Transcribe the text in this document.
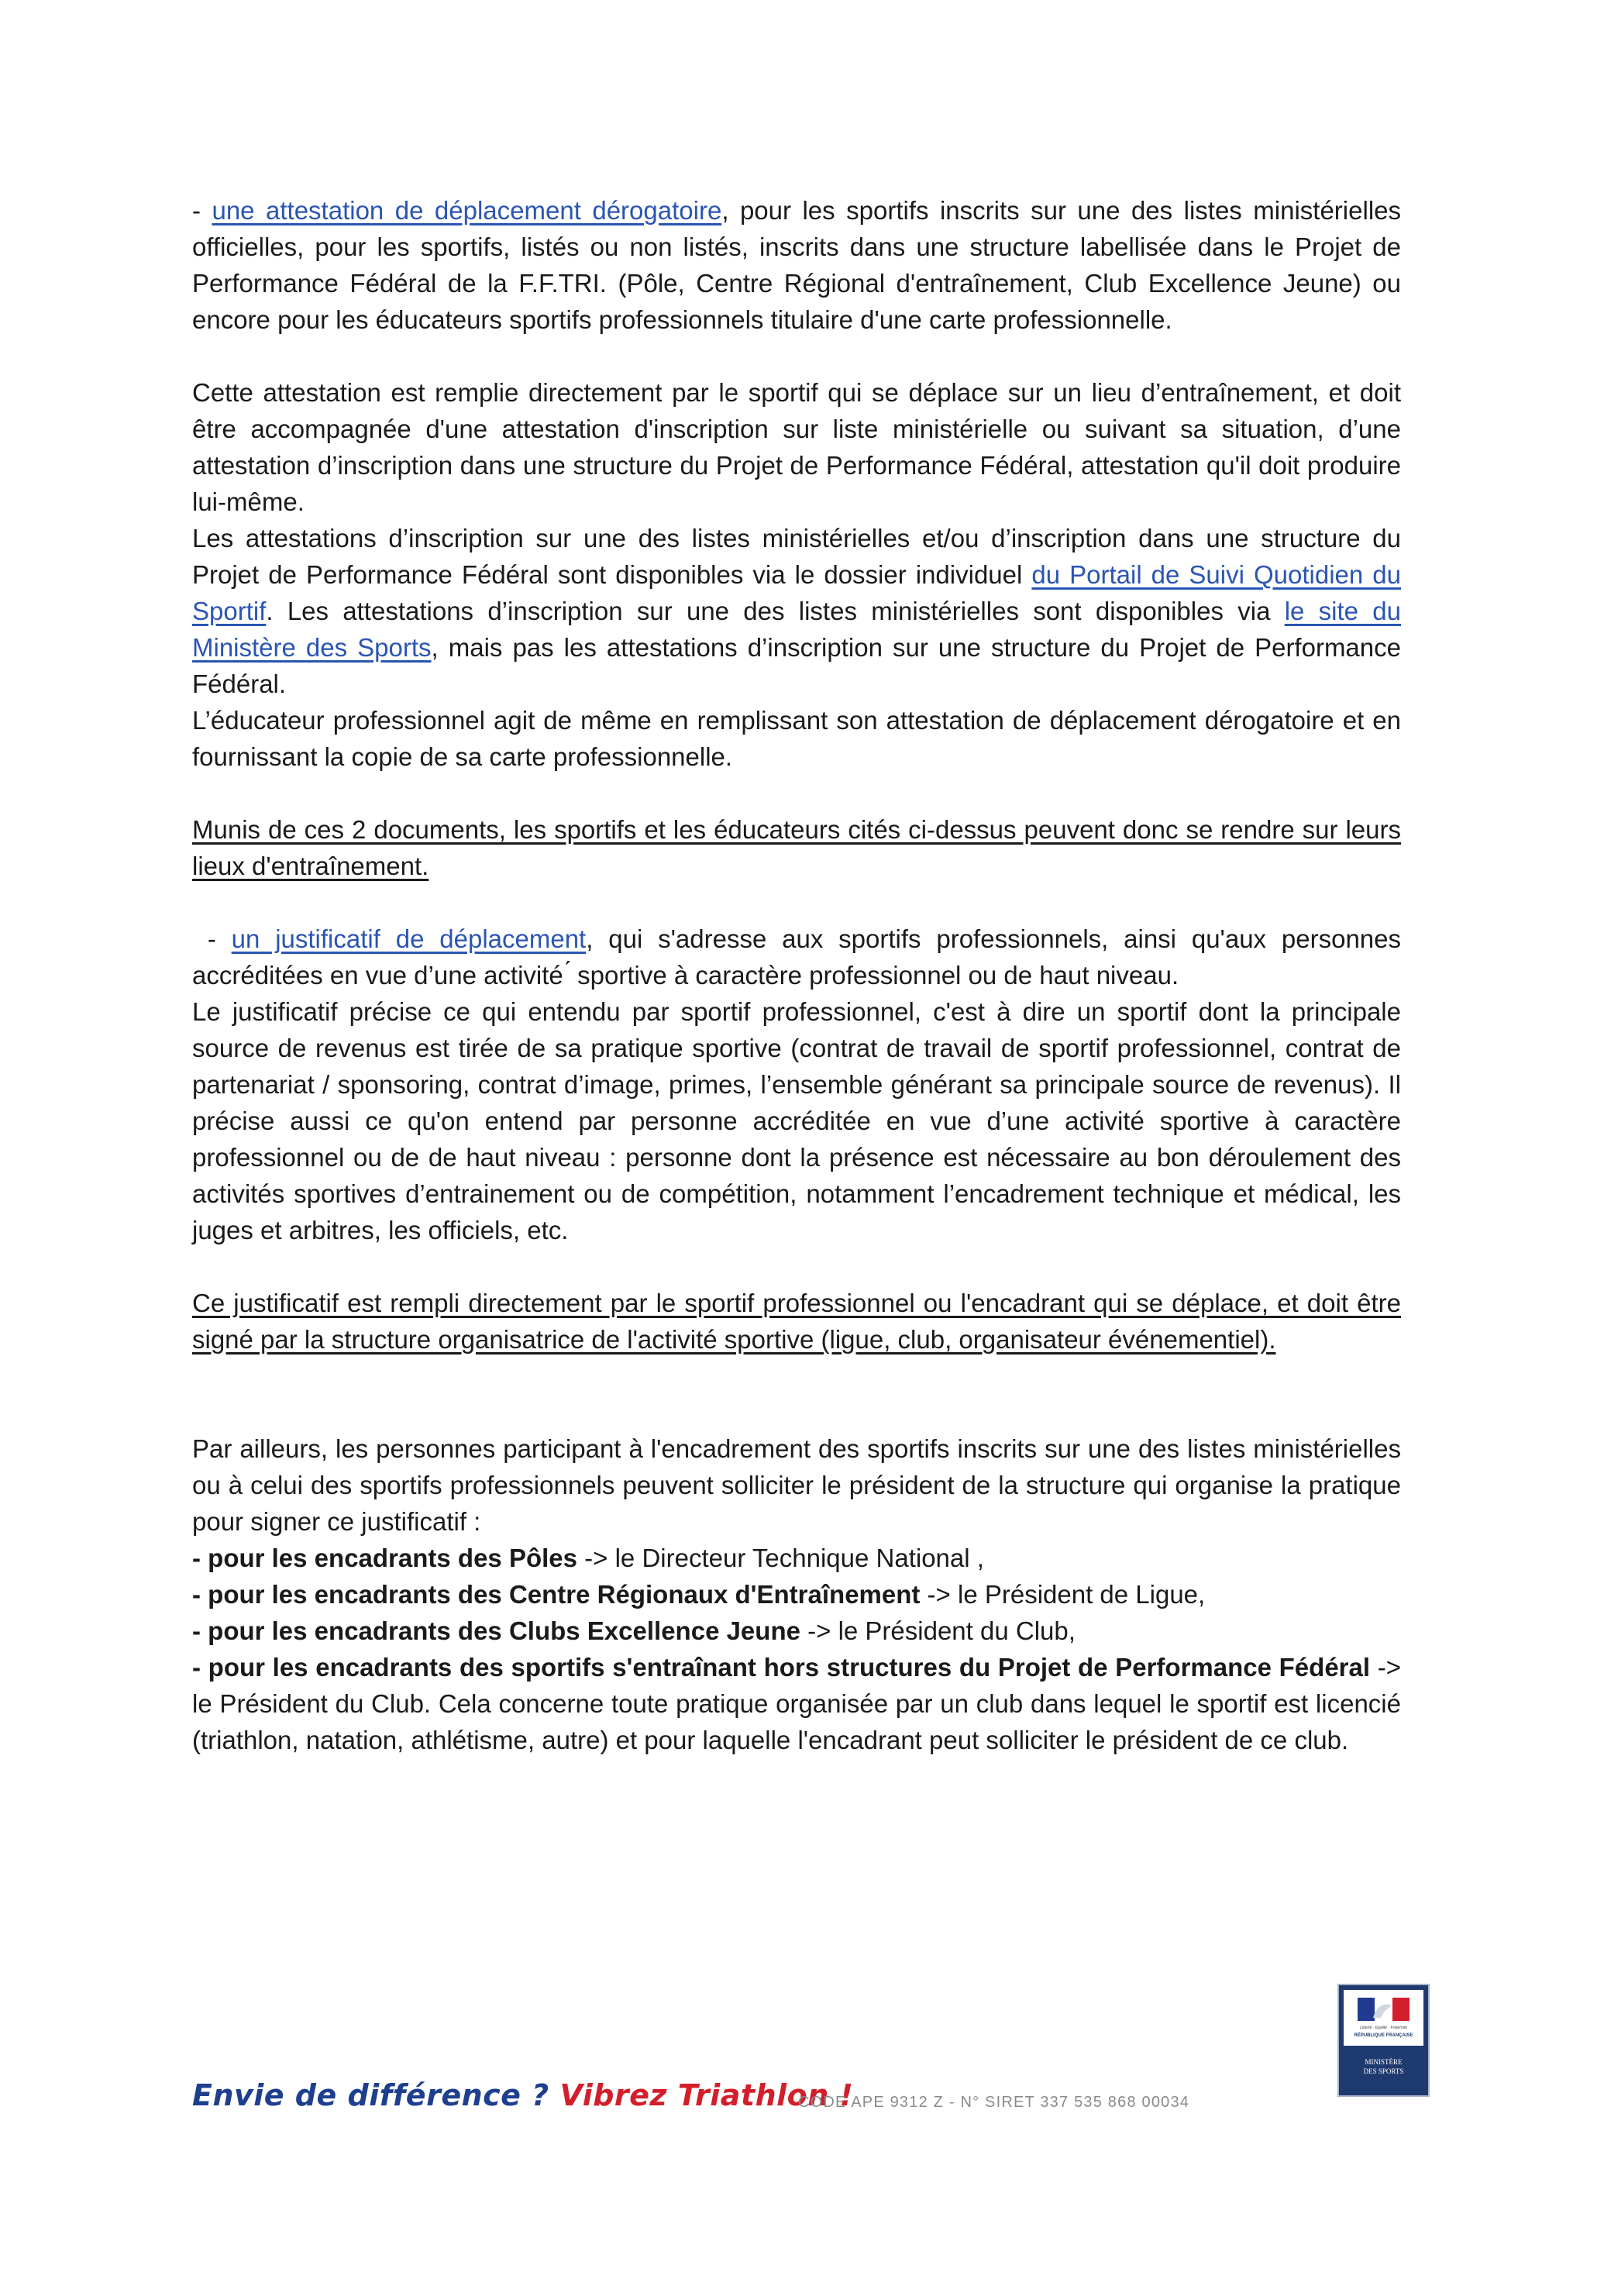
- une attestation de déplacement dérogatoire, pour les sportifs inscrits sur une des listes ministérielles officielles, pour les sportifs, listés ou non listés, inscrits dans une structure labellisée dans le Projet de Performance Fédéral de la F.F.TRI. (Pôle, Centre Régional d'entraînement, Club Excellence Jeune) ou encore pour les éducateurs sportifs professionnels titulaire d'une carte professionnelle.

Cette attestation est remplie directement par le sportif qui se déplace sur un lieu d’entraînement, et doit être accompagnée d'une attestation d'inscription sur liste ministérielle ou suivant sa situation, d’une attestation d’inscription dans une structure du Projet de Performance Fédéral, attestation qu'il doit produire lui-même.

Les attestations d’inscription sur une des listes ministérielles et/ou d’inscription dans une structure du Projet de Performance Fédéral sont disponibles via le dossier individuel du Portail de Suivi Quotidien du Sportif. Les attestations d’inscription sur une des listes ministérielles sont disponibles via le site du Ministère des Sports, mais pas les attestations d’inscription sur une structure du Projet de Performance Fédéral.

L’éducateur professionnel agit de même en remplissant son attestation de déplacement dérogatoire et en fournissant la copie de sa carte professionnelle.

Munis de ces 2 documents, les sportifs et les éducateurs cités ci-dessus peuvent donc se rendre sur leurs lieux d'entraînement.

- un justificatif de déplacement, qui s'adresse aux sportifs professionnels, ainsi qu'aux personnes accréditées en vue d’une activité ́ sportive à caractère professionnel ou de haut niveau.

Le justificatif précise ce qui entendu par sportif professionnel, c'est à dire un sportif dont la principale source de revenus est tirée de sa pratique sportive (contrat de travail de sportif professionnel, contrat de partenariat / sponsoring, contrat d’image, primes, l’ensemble générant sa principale source de revenus). Il précise aussi ce qu'on entend par personne accréditée en vue d’une activité sportive à caractère professionnel ou de de haut niveau : personne dont la présence est nécessaire au bon déroulement des activités sportives d’entrainement ou de compétition, notamment l’encadrement technique et médical, les juges et arbitres, les officiels, etc.

Ce justificatif est rempli directement par le sportif professionnel ou l'encadrant qui se déplace, et doit être signé par la structure organisatrice de l'activité sportive (ligue, club, organisateur événementiel).

Par ailleurs, les personnes participant à l'encadrement des sportifs inscrits sur une des listes ministérielles ou à celui des sportifs professionnels peuvent solliciter le président de la structure qui organise la pratique pour signer ce justificatif :

- pour les encadrants des Pôles -> le Directeur Technique National ,

- pour les encadrants des Centre Régionaux d'Entraînement -> le Président de Ligue,

- pour les encadrants des Clubs Excellence Jeune -> le Président du Club,

- pour les encadrants des sportifs s'entraînant hors structures du Projet de Performance Fédéral -> le Président du Club. Cela concerne toute pratique organisée par un club dans lequel le sportif est licencié (triathlon, natation, athlétisme, autre) et pour laquelle l'encadrant peut solliciter le président de ce club.

Envie de différence ? Vibrez Triathlon !
CODE APE 9312 Z - N° SIRET 337 535 868 00034
Liberté · Égalité · Fraternité
RÉPUBLIQUE FRANÇAISE
MINISTÈRE
DES SPORTS
